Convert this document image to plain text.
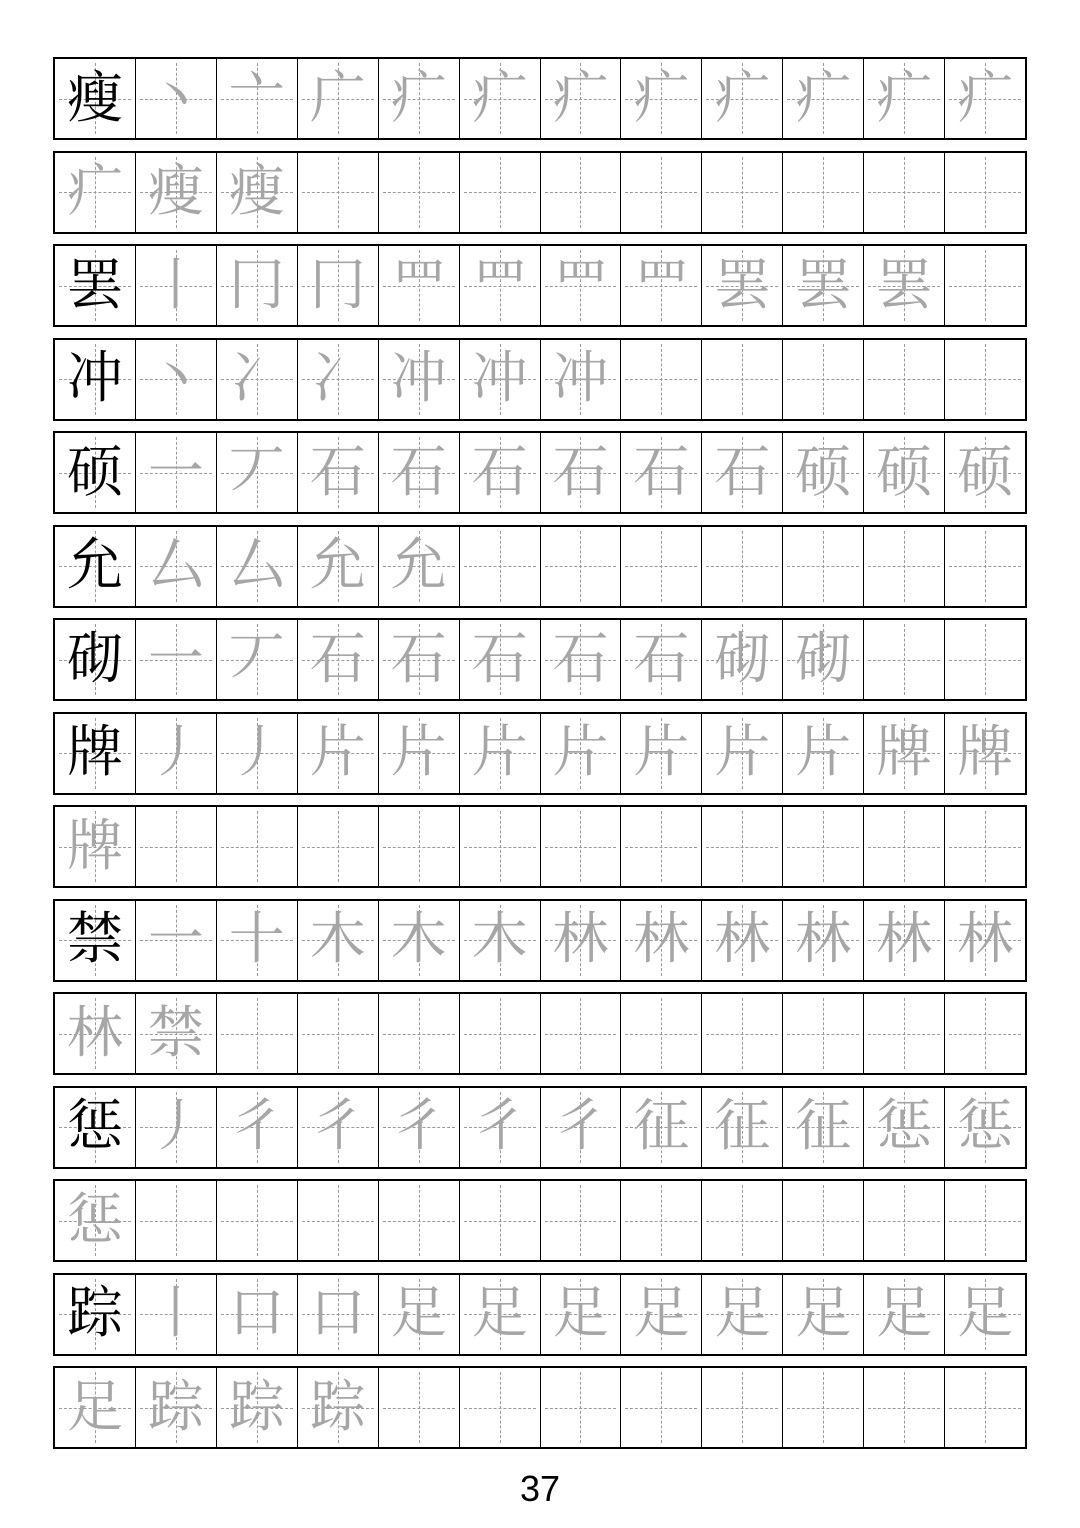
瘦 丶 亠 广 疒 疒 疒 疒 疒 疒 疒 疒
疒 瘦 瘦
罢 丨 冂 冂 罒 罒 罒 罒 罢 罢 罢
冲 丶 冫 冫 冲 冲 冲
硕 一 丆 石 石 石 石 石 石 硕 硕 硕
允 厶 厶 允 允
砌 一 丆 石 石 石 石 石 砌 砌
牌 丿 丿 片 片 片 片 片 片 片 牌 牌
牌
禁 一 十 木 木 木 林 林 林 林 林 林
林 禁
惩 丿 彳 彳 彳 彳 彳 征 征 征 惩 惩
惩
踪 丨 口 口 足 足 足 足 足 足 足 足
足 踪 踪 踪
37
